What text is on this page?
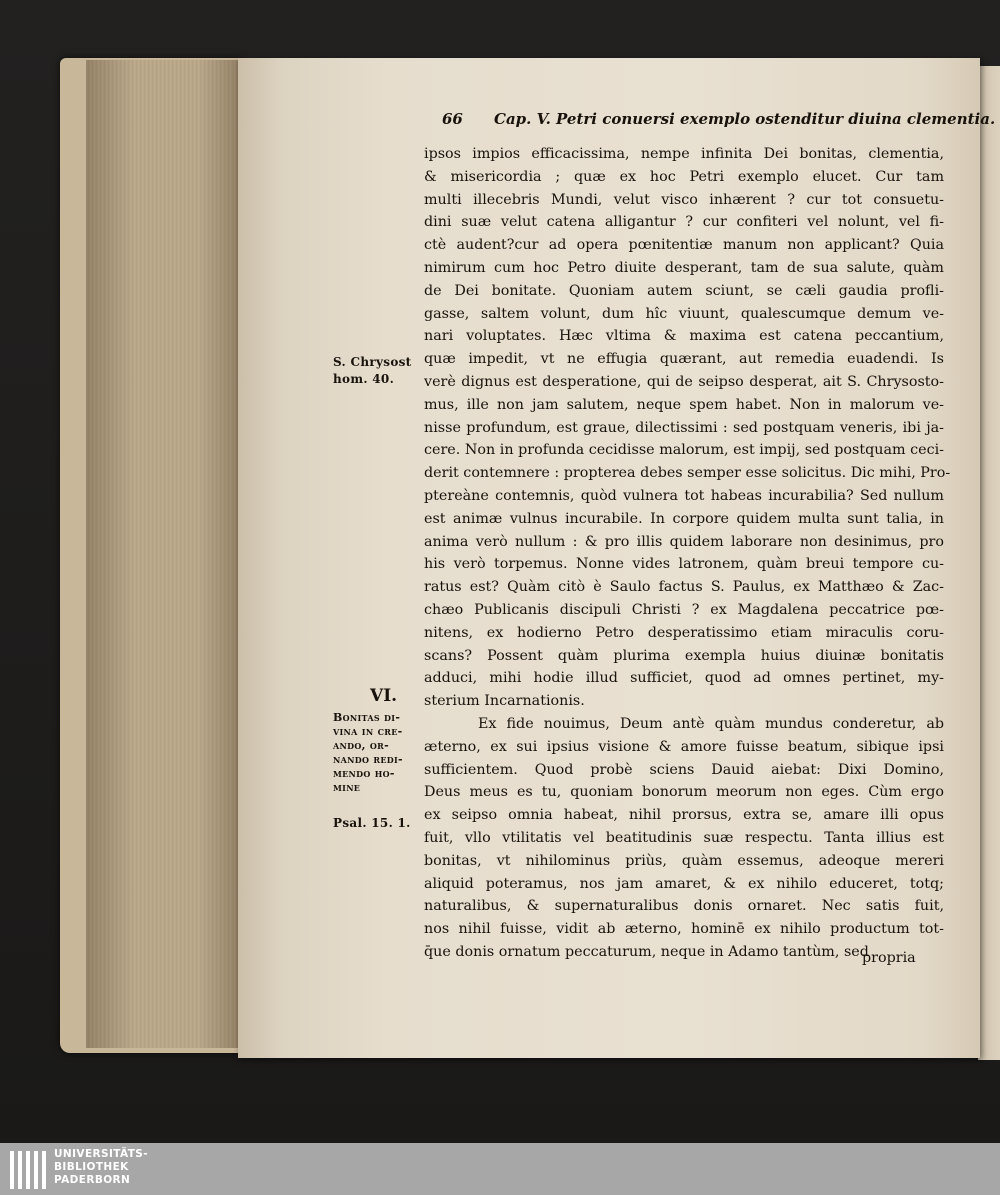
66 Cap. V. Petri conuersi exemplo ostenditur diuina clementia.
ipsos impios efficacissima, nempe infinita Dei bonitas, clementia,
& misericordia ; quæ ex hoc Petri exemplo elucet. Cur tam
multi illecebris Mundi, velut visco inhærent ? cur tot consuetu-
dini suæ velut catena alligantur ? cur confiteri vel nolunt, vel fi-
ctè audent?cur ad opera pœnitentiæ manum non applicant? Quia
nimirum cum hoc Petro diuite desperant, tam de sua salute, quàm
de Dei bonitate. Quoniam autem sciunt, se cæli gaudia profli-
gasse, saltem volunt, dum hîc viuunt, qualescumque demum ve-
nari voluptates. Hæc vltima & maxima est catena peccantium,
quæ impedit, vt ne effugia quærant, aut remedia euadendi. Is
verè dignus est desperatione, qui de seipso desperat, ait S. Chrysosto-
mus, ille non jam salutem, neque spem habet. Non in malorum ve-
nisse profundum, est graue, dilectissimi : sed postquam veneris, ibi ja-
cere. Non in profunda cecidisse malorum, est impij, sed postquam ceci-
derit contemnere : propterea debes semper esse solicitus. Dic mihi, Pro-
ptereàne contemnis, quòd vulnera tot habeas incurabilia? Sed nullum
est animæ vulnus incurabile. In corpore quidem multa sunt talia, in
anima verò nullum : & pro illis quidem laborare non desinimus, pro
his verò torpemus. Nonne vides latronem, quàm breui tempore cu-
ratus est? Quàm citò è Saulo factus S. Paulus, ex Matthæo & Zac-
chæo Publicanis discipuli Christi ? ex Magdalena peccatrice pœ-
nitens, ex hodierno Petro desperatissimo etiam miraculis coru-
scans? Possent quàm plurima exempla huius diuinæ bonitatis
adduci, mihi hodie illud sufficiet, quod ad omnes pertinet, my-
sterium Incarnationis.
Ex fide nouimus, Deum antè quàm mundus conderetur, ab
æterno, ex sui ipsius visione & amore fuisse beatum, sibique ipsi
sufficientem. Quod probè sciens Dauid aiebat: Dixi Domino,
Deus meus es tu, quoniam bonorum meorum non eges. Cùm ergo
ex seipso omnia habeat, nihil prorsus, extra se, amare illi opus
fuit, vllo vtilitatis vel beatitudinis suæ respectu. Tanta illius est
bonitas, vt nihilominus priùs, quàm essemus, adeoque mereri
aliquid poteramus, nos jam amaret, & ex nihilo educeret, totq;
naturalibus, & supernaturalibus donis ornaret. Nec satis fuit,
nos nihil fuisse, vidit ab æterno, hominē ex nihilo productum tot-
q̄ue donis ornatum peccaturum, neque in Adamo tantùm, sed
S. Chrysost
hom. 40.
VI.
Bonitas di-
vina in cre-
ando, or-
nando redi-
mendo ho-
mine
Psal. 15. 1.
propria
UNIVERSITÄTS-
BIBLIOTHEK
PADERBORN
